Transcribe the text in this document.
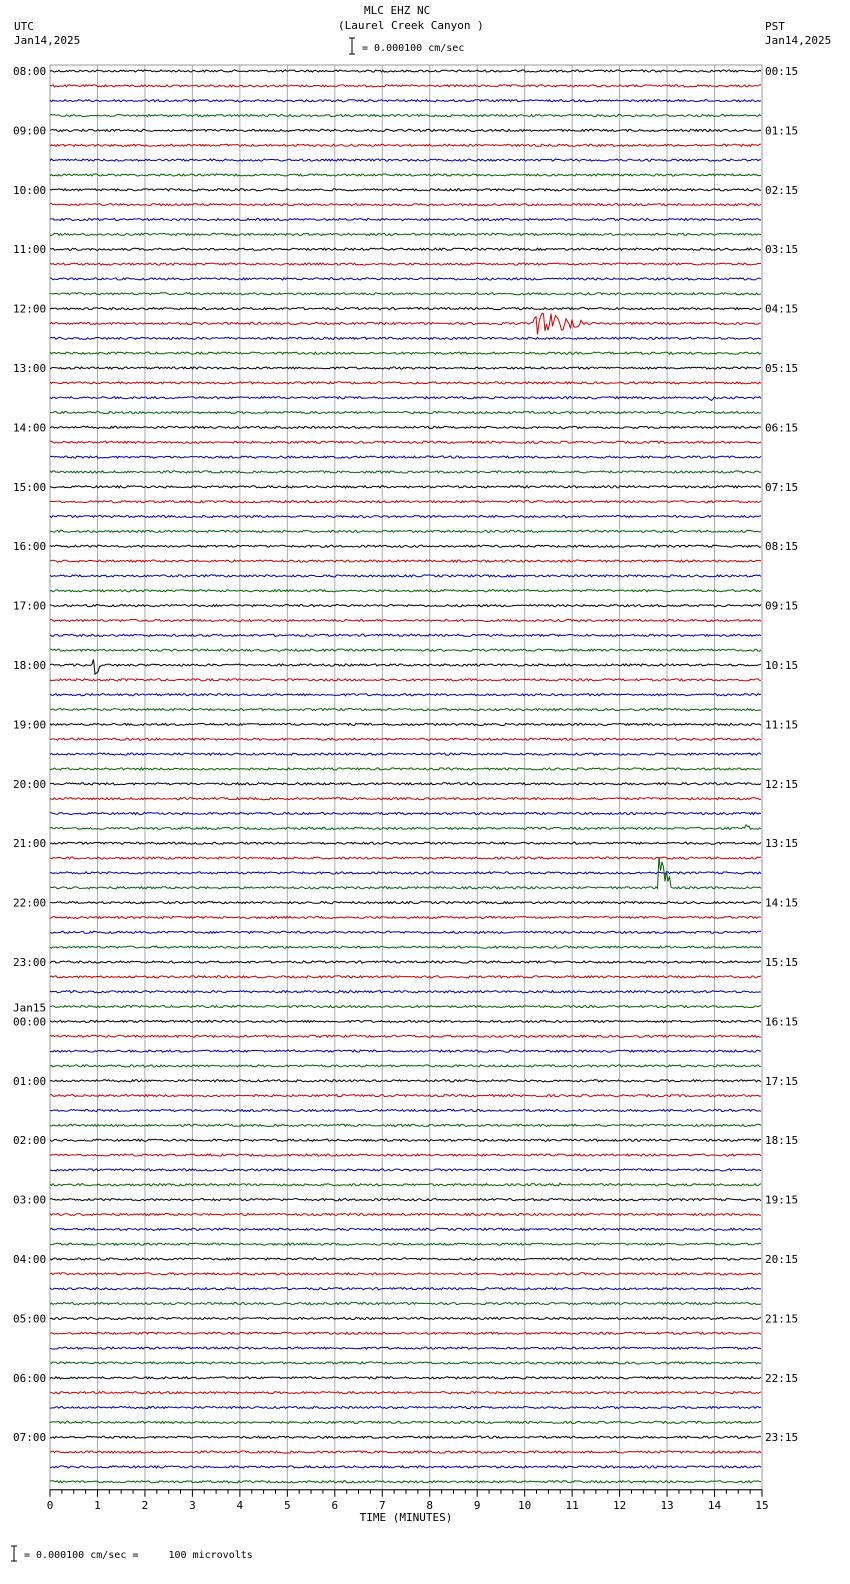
MLC EHZ NC
(Laurel Creek Canyon )
= 0.000100 cm/sec
UTC
Jan14,2025
PST
Jan14,2025
= 0.000100 cm/sec =     100 microvolts
08:00
09:00
10:00
11:00
12:00
13:00
14:00
15:00
16:00
17:00
18:00
19:00
20:00
21:00
22:00
23:00
00:00
Jan15
01:00
02:00
03:00
04:00
05:00
06:00
07:00
00:15
01:15
02:15
03:15
04:15
05:15
06:15
07:15
08:15
09:15
10:15
11:15
12:15
13:15
14:15
15:15
16:15
17:15
18:15
19:15
20:15
21:15
22:15
23:15
0	1	2	3	4	5	6	7	8	9	10	11	12	13	14	15
TIME (MINUTES)
